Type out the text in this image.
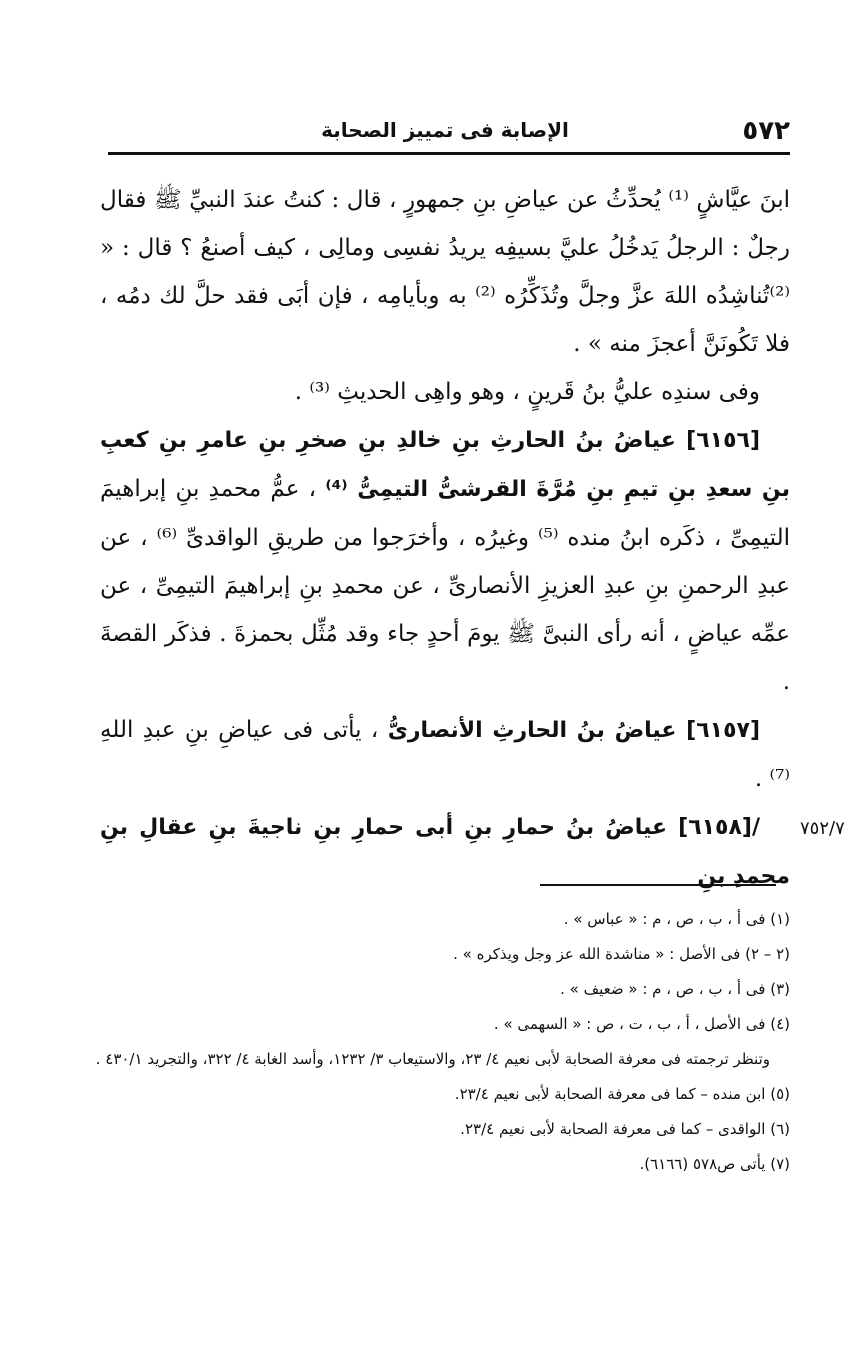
٥٧٢
الإصابة فى تمييز الصحابة

ابنَ عيَّاشٍ ⁽¹⁾ يُحدِّثُ عن عياضِ بنِ جمهورٍ ، قال : كنتُ عندَ النبيِّ ﷺ فقال رجلٌ : الرجلُ يَدخُلُ عليَّ بسيفِه يريدُ نفسِى ومالِى ، كيف أصنعُ ؟ قال : « ⁽²⁾تُناشِدُه اللهَ عزَّ وجلَّ وتُذَكِّرُه ⁽²⁾ به وبأيامِه ، فإن أبَى فقد حلَّ لك دمُه ، فلا تَكُونَنَّ أعجزَ منه » .

وفى سندِه عليُّ بنُ قَرينٍ ، وهو واهِى الحديثِ ⁽³⁾ .

[٦١٥٦] عياضُ بنُ الحارثِ بنِ خالدِ بنِ صخرِ بنِ عامرِ بنِ كعبِ بنِ سعدِ بنِ تيمِ بنِ مُرَّةَ القرشىُّ التيمِىُّ ⁽⁴⁾ ، عمُّ محمدِ بنِ إبراهيمَ التيمِىِّ ، ذكَره ابنُ منده ⁽⁵⁾ وغيرُه ، وأخرَجوا من طريقِ الواقدىِّ ⁽⁶⁾ ، عن عبدِ الرحمنِ بنِ عبدِ العزيزِ الأنصارىِّ ، عن محمدِ بنِ إبراهيمَ التيمِىِّ ، عن عمِّه عياضٍ ، أنه رأى النبىَّ ﷺ يومَ أحدٍ جاء وقد مُثِّل بحمزةَ . فذكَر القصةَ .

[٦١٥٧] عياضُ بنُ الحارثِ الأنصارىُّ ، يأتى فى عياضِ بنِ عبدِ اللهِ ⁽⁷⁾ .

/[٦١٥٨] عياضُ بنُ حمارِ بنِ أبى حمارِ بنِ ناجيةَ بنِ عقالِ بنِ محمدِ بنِ

٧٥٢/٧

(١) فى أ ، ب ، ص ، م : « عباس » .

(٢ – ٢) فى الأصل : « مناشدة الله عز وجل ويذكره » .

(٣) فى أ ، ب ، ص ، م : « ضعيف » .

(٤) فى الأصل ، أ ، ب ، ت ، ص : « السهمى » .

وتنظر ترجمته فى معرفة الصحابة لأبى نعيم ٤/ ٢٣، والاستيعاب ٣/ ١٢٣٢، وأسد الغابة ٤/ ٣٢٢، والتجريد ٤٣٠/١ .

(٥) ابن منده – كما فى معرفة الصحابة لأبى نعيم ٢٣/٤.

(٦) الواقدى – كما فى معرفة الصحابة لأبى نعيم ٢٣/٤.

(٧) يأتى ص٥٧٨ (٦١٦٦).
